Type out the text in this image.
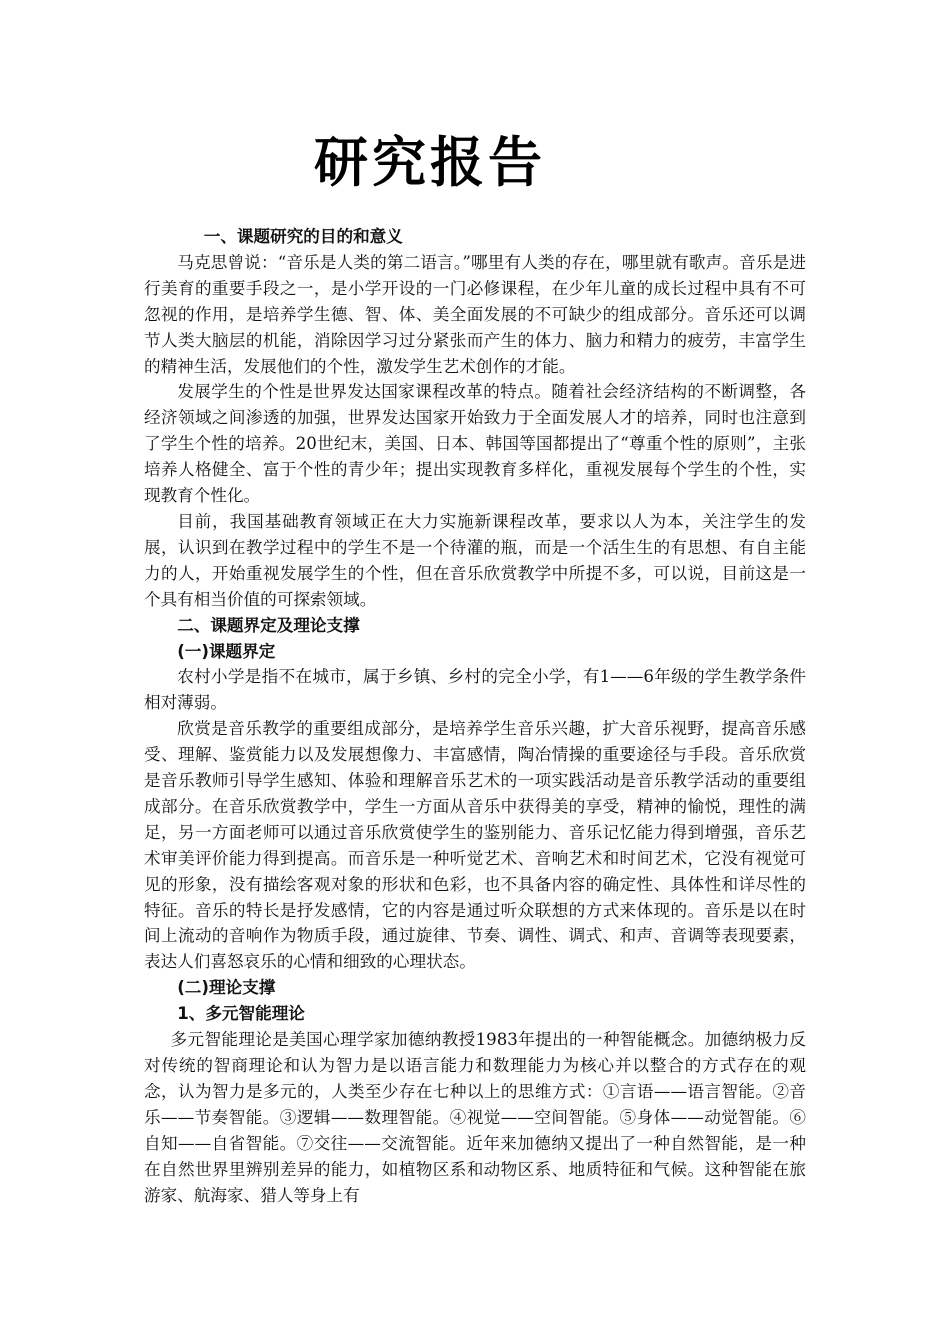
研究报告
一、课题研究的目的和意义

马克思曾说：“音乐是人类的第二语言。”哪里有人类的存在，哪里就有歌声。音乐是进行美育的重要手段之一，是小学开设的一门必修课程，在少年儿童的成长过程中具有不可忽视的作用，是培养学生德、智、体、美全面发展的不可缺少的组成部分。音乐还可以调节人类大脑层的机能，消除因学习过分紧张而产生的体力、脑力和精力的疲劳，丰富学生的精神生活，发展他们的个性，激发学生艺术创作的才能。

发展学生的个性是世界发达国家课程改革的特点。随着社会经济结构的不断调整，各经济领域之间渗透的加强，世界发达国家开始致力于全面发展人才的培养，同时也注意到了学生个性的培养。20世纪末，美国、日本、韩国等国都提出了“尊重个性的原则”，主张培养人格健全、富于个性的青少年；提出实现教育多样化，重视发展每个学生的个性，实现教育个性化。

目前，我国基础教育领域正在大力实施新课程改革，要求以人为本，关注学生的发展，认识到在教学过程中的学生不是一个待灌的瓶，而是一个活生生的有思想、有自主能力的人，开始重视发展学生的个性，但在音乐欣赏教学中所提不多，可以说，目前这是一个具有相当价值的可探索领域。

二、课题界定及理论支撑
(一)课题界定

农村小学是指不在城市，属于乡镇、乡村的完全小学，有1——6年级的学生教学条件相对薄弱。

欣赏是音乐教学的重要组成部分，是培养学生音乐兴趣，扩大音乐视野，提高音乐感受、理解、鉴赏能力以及发展想像力、丰富感情，陶冶情操的重要途径与手段。音乐欣赏是音乐教师引导学生感知、体验和理解音乐艺术的一项实践活动是音乐教学活动的重要组成部分。在音乐欣赏教学中，学生一方面从音乐中获得美的享受，精神的愉悦，理性的满足，另一方面老师可以通过音乐欣赏使学生的鉴别能力、音乐记忆能力得到增强，音乐艺术审美评价能力得到提高。而音乐是一种听觉艺术、音响艺术和时间艺术，它没有视觉可见的形象，没有描绘客观对象的形状和色彩，也不具备内容的确定性、具体性和详尽性的特征。音乐的特长是抒发感情，它的内容是通过听众联想的方式来体现的。音乐是以在时间上流动的音响作为物质手段，通过旋律、节奏、调性、调式、和声、音调等表现要素，表达人们喜怒哀乐的心情和细致的心理状态。

(二)理论支撑
1、多元智能理论

多元智能理论是美国心理学家加德纳教授1983年提出的一种智能概念。加德纳极力反对传统的智商理论和认为智力是以语言能力和数理能力为核心并以整合的方式存在的观念，认为智力是多元的，人类至少存在七种以上的思维方式：①言语——语言智能。②音乐——节奏智能。③逻辑——数理智能。④视觉——空间智能。⑤身体——动觉智能。⑥自知——自省智能。⑦交往——交流智能。近年来加德纳又提出了一种自然智能，是一种在自然世界里辨别差异的能力，如植物区系和动物区系、地质特征和气候。这种智能在旅游家、航海家、猎人等身上有
